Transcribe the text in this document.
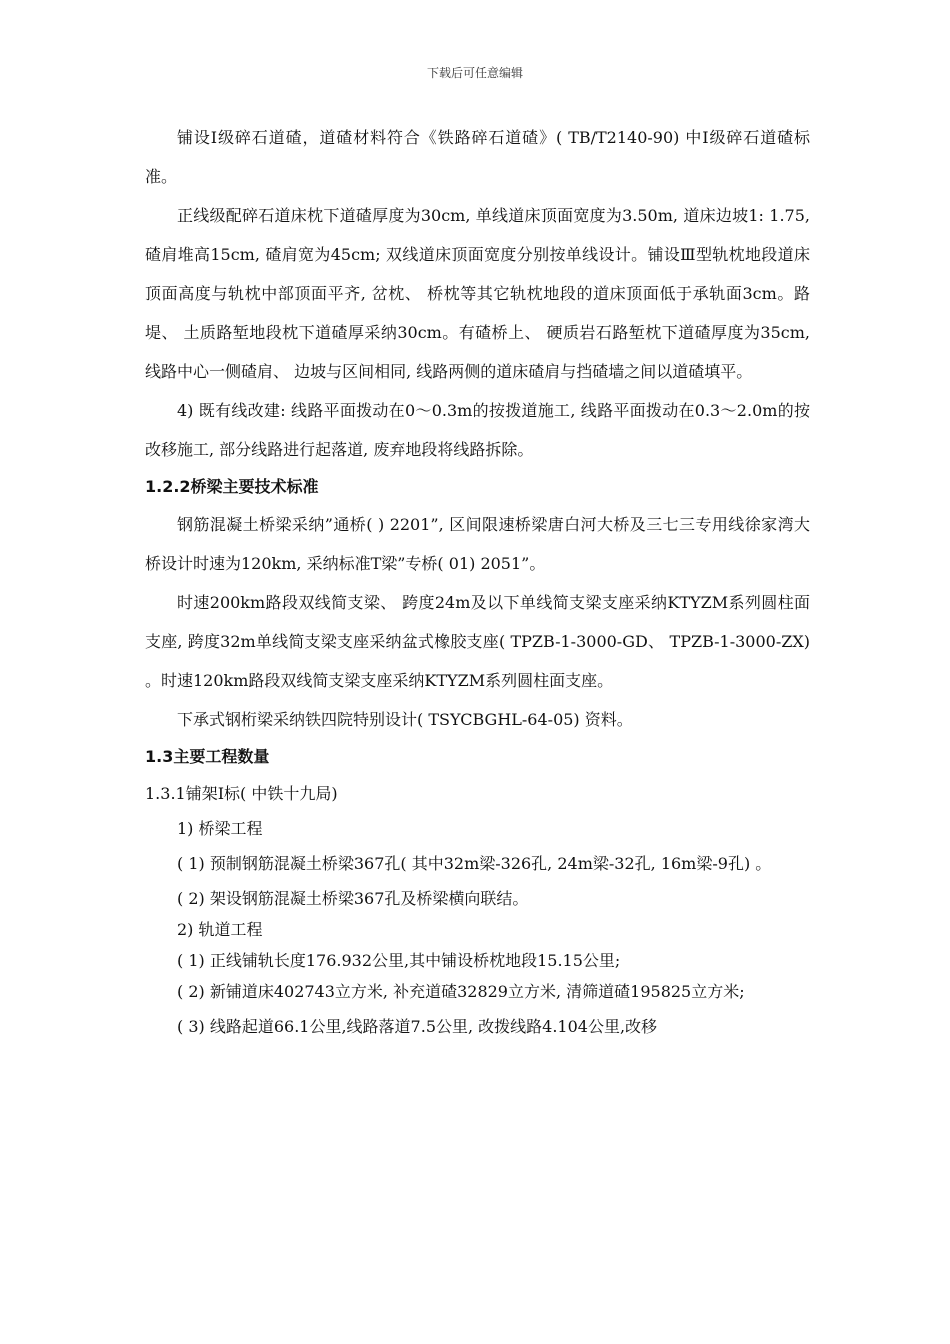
下载后可任意编辑

铺设Ⅰ级碎石道碴，道碴材料符合《铁路碎石道碴》( TB/T2140-90) 中Ⅰ级碎石道碴标准。

正线级配碎石道床枕下道碴厚度为30cm, 单线道床顶面宽度为3.50m, 道床边坡1: 1.75, 碴肩堆高15cm, 碴肩宽为45cm; 双线道床顶面宽度分别按单线设计。铺设Ⅲ型轨枕地段道床顶面高度与轨枕中部顶面平齐, 岔枕、 桥枕等其它轨枕地段的道床顶面低于承轨面3cm。路堤、 土质路堑地段枕下道碴厚采纳30cm。有碴桥上、 硬质岩石路堑枕下道碴厚度为35cm, 线路中心一侧碴肩、 边坡与区间相同, 线路两侧的道床碴肩与挡碴墙之间以道碴填平。

4) 既有线改建: 线路平面拨动在0～0.3m的按拨道施工, 线路平面拨动在0.3～2.0m的按改移施工, 部分线路进行起落道, 废弃地段将线路拆除。

1.2.2桥梁主要技术标准

钢筋混凝土桥梁采纳”通桥( ) 2201”, 区间限速桥梁唐白河大桥及三七三专用线徐家湾大桥设计时速为120km, 采纳标准T梁”专桥( 01) 2051”。

时速200km路段双线简支梁、 跨度24m及以下单线简支梁支座采纳KTYZM系列圆柱面支座, 跨度32m单线简支梁支座采纳盆式橡胶支座( TPZB-1-3000-GD、 TPZB-1-3000-ZX) 。时速120km路段双线简支梁支座采纳KTYZM系列圆柱面支座。

下承式钢桁梁采纳铁四院特别设计( TSYCBGHL-64-05) 资料。

1.3主要工程数量

1.3.1铺架Ⅰ标( 中铁十九局)

1) 桥梁工程

( 1) 预制钢筋混凝土桥梁367孔( 其中32m梁-326孔, 24m梁-32孔, 16m梁-9孔) 。

( 2) 架设钢筋混凝土桥梁367孔及桥梁横向联结。

2) 轨道工程

( 1) 正线铺轨长度176.932公里,其中铺设桥枕地段15.15公里;

( 2) 新铺道床402743立方米, 补充道碴32829立方米, 清筛道碴195825立方米;

( 3) 线路起道66.1公里,线路落道7.5公里, 改拨线路4.104公里,改移
